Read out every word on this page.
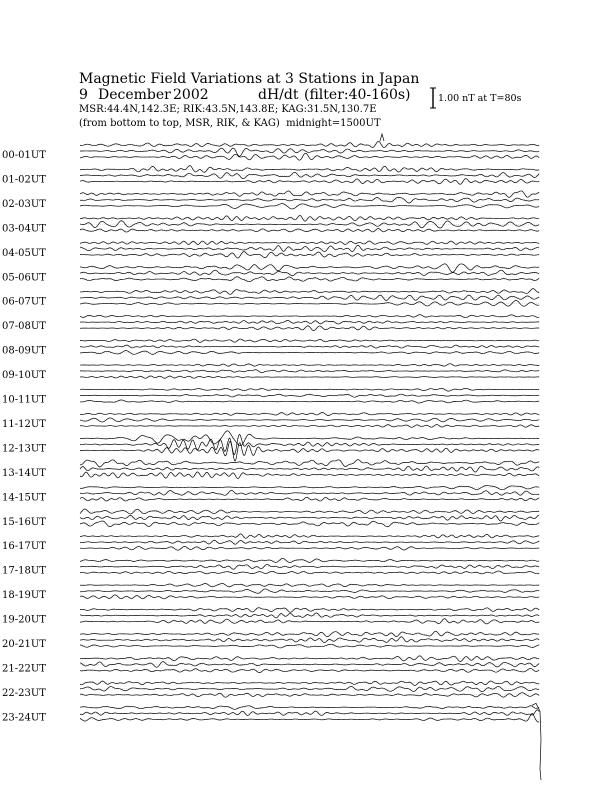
Magnetic Field Variations at 3 Stations in Japan
9 December 2002	dH/dt (filter:40-160s)
MSR:44.4N,142.3E; RIK:43.5N,143.8E; KAG:31.5N,130.7E
(from bottom to top, MSR, RIK, & KAG) midnight=1500UT
1.00 nT at T=80s
00-01UT
01-02UT
02-03UT
03-04UT
04-05UT
05-06UT
06-07UT
07-08UT
08-09UT
09-10UT
10-11UT
11-12UT
12-13UT
13-14UT
14-15UT
15-16UT
16-17UT
17-18UT
18-19UT
19-20UT
20-21UT
21-22UT
22-23UT
23-24UT
